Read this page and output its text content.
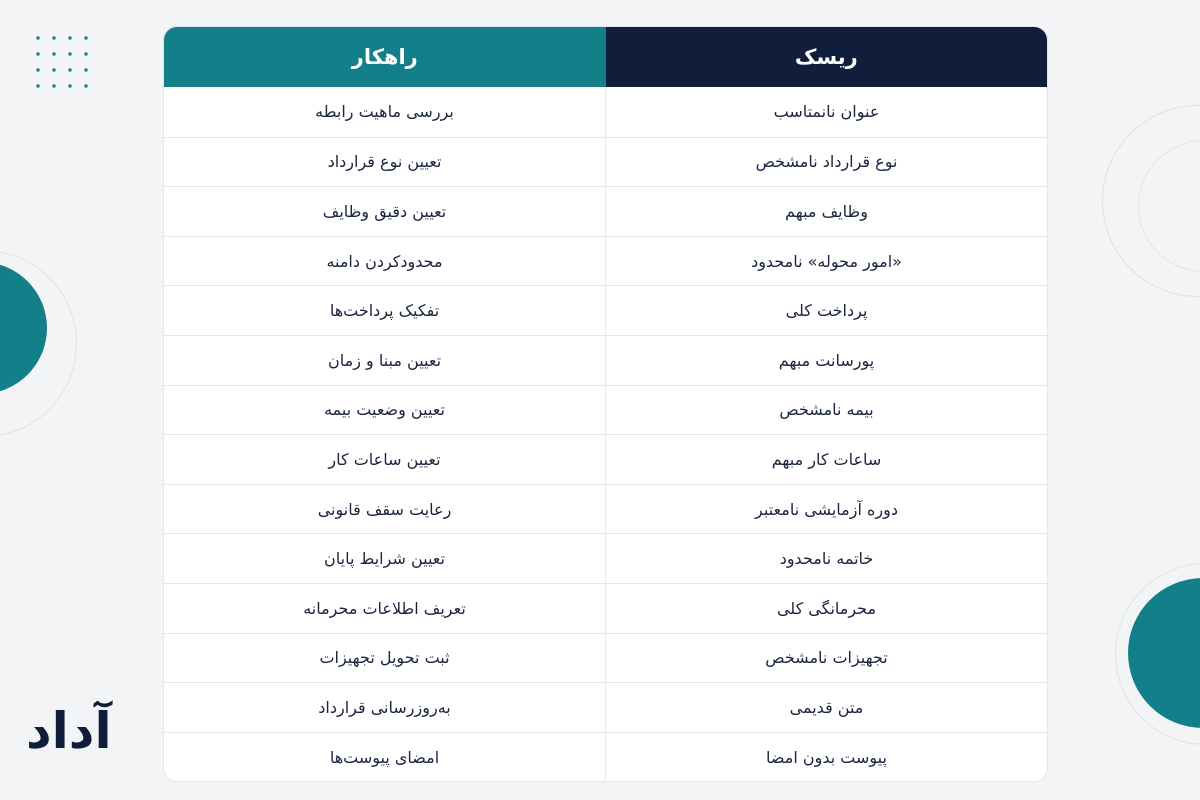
آداد
ریسک
راهکار
عنوان نانمتاسب
بررسی ماهیت رابطه
نوع قرارداد نامشخص
تعیین نوع قرارداد
وظایف مبهم
تعیین دقیق وظایف
«امور محوله» نامحدود
محدودکردن دامنه
پرداخت کلی
تفکیک پرداخت‌ها
پورسانت مبهم
تعیین مبنا و زمان
بیمه نامشخص
تعیین وضعیت بیمه
ساعات کار مبهم
تعیین ساعات کار
دوره آزمایشی نامعتبر
رعایت سقف قانونی
خاتمه نامحدود
تعیین شرایط پایان
محرمانگی کلی
تعریف اطلاعات محرمانه
تجهیزات نامشخص
ثبت تحویل تجهیزات
متن قدیمی
به‌روزرسانی قرارداد
پیوست بدون امضا
امضای پیوست‌ها
